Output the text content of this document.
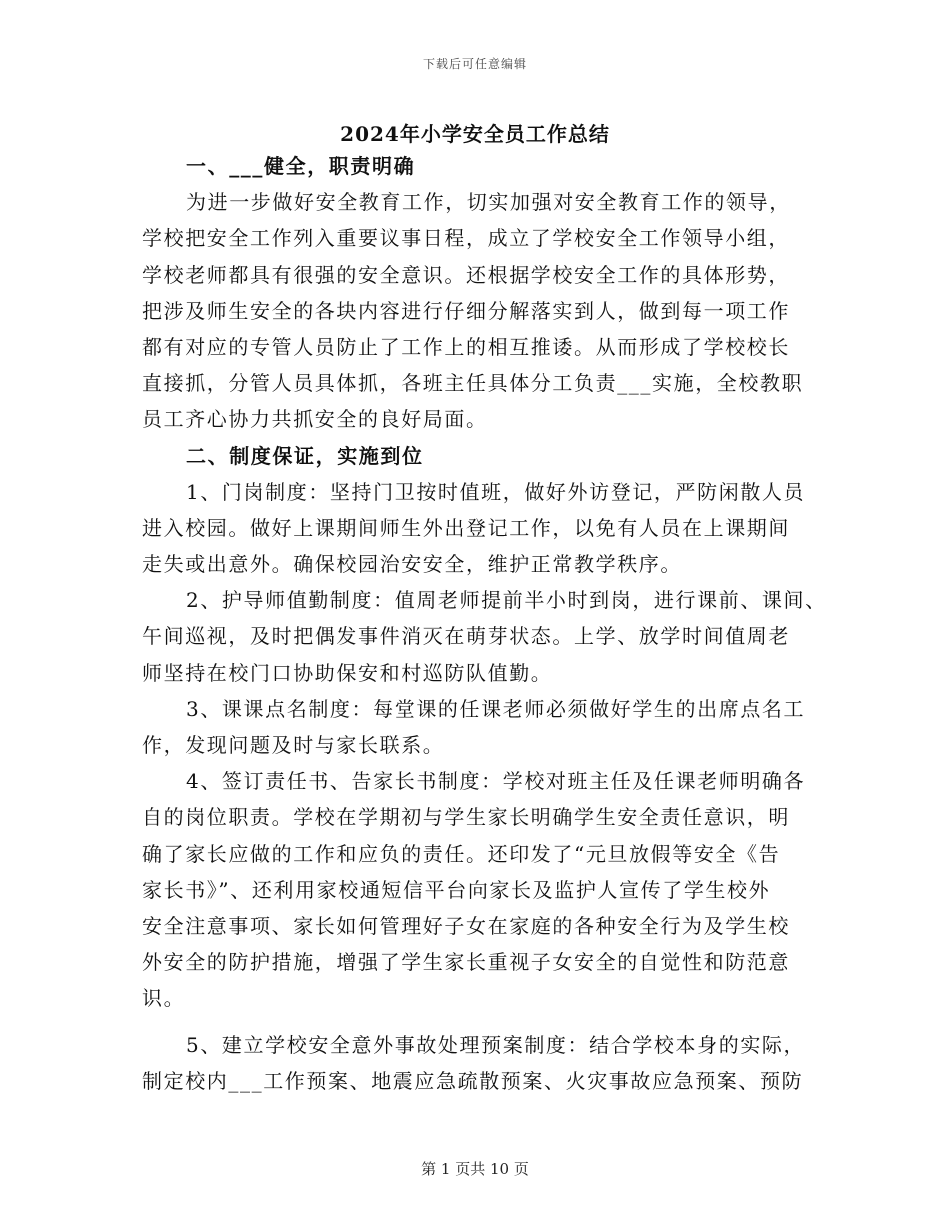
下载后可任意编辑
2024年小学安全员工作总结
一、___健全，职责明确
为进一步做好安全教育工作，切实加强对安全教育工作的领导，
学校把安全工作列入重要议事日程，成立了学校安全工作领导小组，
学校老师都具有很强的安全意识。还根据学校安全工作的具体形势，
把涉及师生安全的各块内容进行仔细分解落实到人，做到每一项工作
都有对应的专管人员防止了工作上的相互推诿。从而形成了学校校长
直接抓，分管人员具体抓，各班主任具体分工负责___实施，全校教职
员工齐心协力共抓安全的良好局面。
二、制度保证，实施到位
1、门岗制度：坚持门卫按时值班，做好外访登记，严防闲散人员
进入校园。做好上课期间师生外出登记工作，以免有人员在上课期间
走失或出意外。确保校园治安安全，维护正常教学秩序。
2、护导师值勤制度：值周老师提前半小时到岗，进行课前、课间、
午间巡视，及时把偶发事件消灭在萌芽状态。上学、放学时间值周老
师坚持在校门口协助保安和村巡防队值勤。
3、课课点名制度：每堂课的任课老师必须做好学生的出席点名工
作，发现问题及时与家长联系。
4、签订责任书、告家长书制度：学校对班主任及任课老师明确各
自的岗位职责。学校在学期初与学生家长明确学生安全责任意识，明
确了家长应做的工作和应负的责任。还印发了“元旦放假等安全《告
家长书》”、还利用家校通短信平台向家长及监护人宣传了学生校外
安全注意事项、家长如何管理好子女在家庭的各种安全行为及学生校
外安全的防护措施，增强了学生家长重视子女安全的自觉性和防范意
识。
5、建立学校安全意外事故处理预案制度：结合学校本身的实际，
制定校内___工作预案、地震应急疏散预案、火灾事故应急预案、预防
第 1 页共 10 页
